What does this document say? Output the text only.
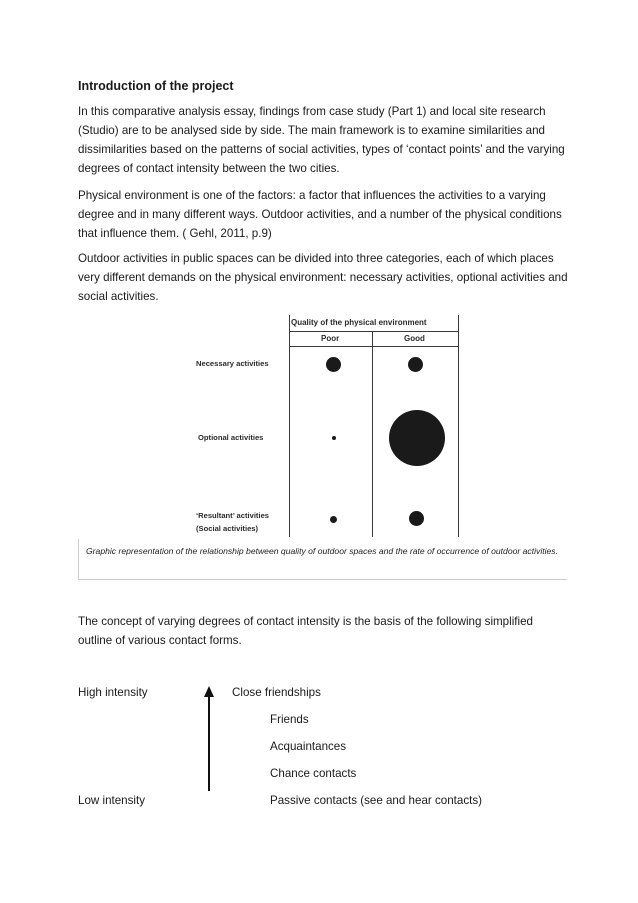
Introduction of the project

In this comparative analysis essay, findings from case study (Part 1) and local site research (Studio) are to be analysed side by side. The main framework is to examine similarities and dissimilarities based on the patterns of social activities, types of ‘contact points’ and the varying degrees of contact intensity between the two cities.

Physical environment is one of the factors: a factor that influences the activities to a varying degree and in many different ways. Outdoor activities, and a number of the physical conditions that influence them. ( Gehl, 2011, p.9)

Outdoor activities in public spaces can be divided into three categories, each of which places very different demands on the physical environment: necessary activities, optional activities and social activities.

Quality of the physical environment
Poor	Good
Necessary activities
Optional activities
‘Resultant’ activities
(Social activities)

Graphic representation of the relationship between quality of outdoor spaces and the rate of occurrence of outdoor activities.

The concept of varying degrees of contact intensity is the basis of the following simplified outline of various contact forms.

High intensity
Low intensity
Close friendships
Friends
Acquaintances
Chance contacts
Passive contacts (see and hear contacts)
